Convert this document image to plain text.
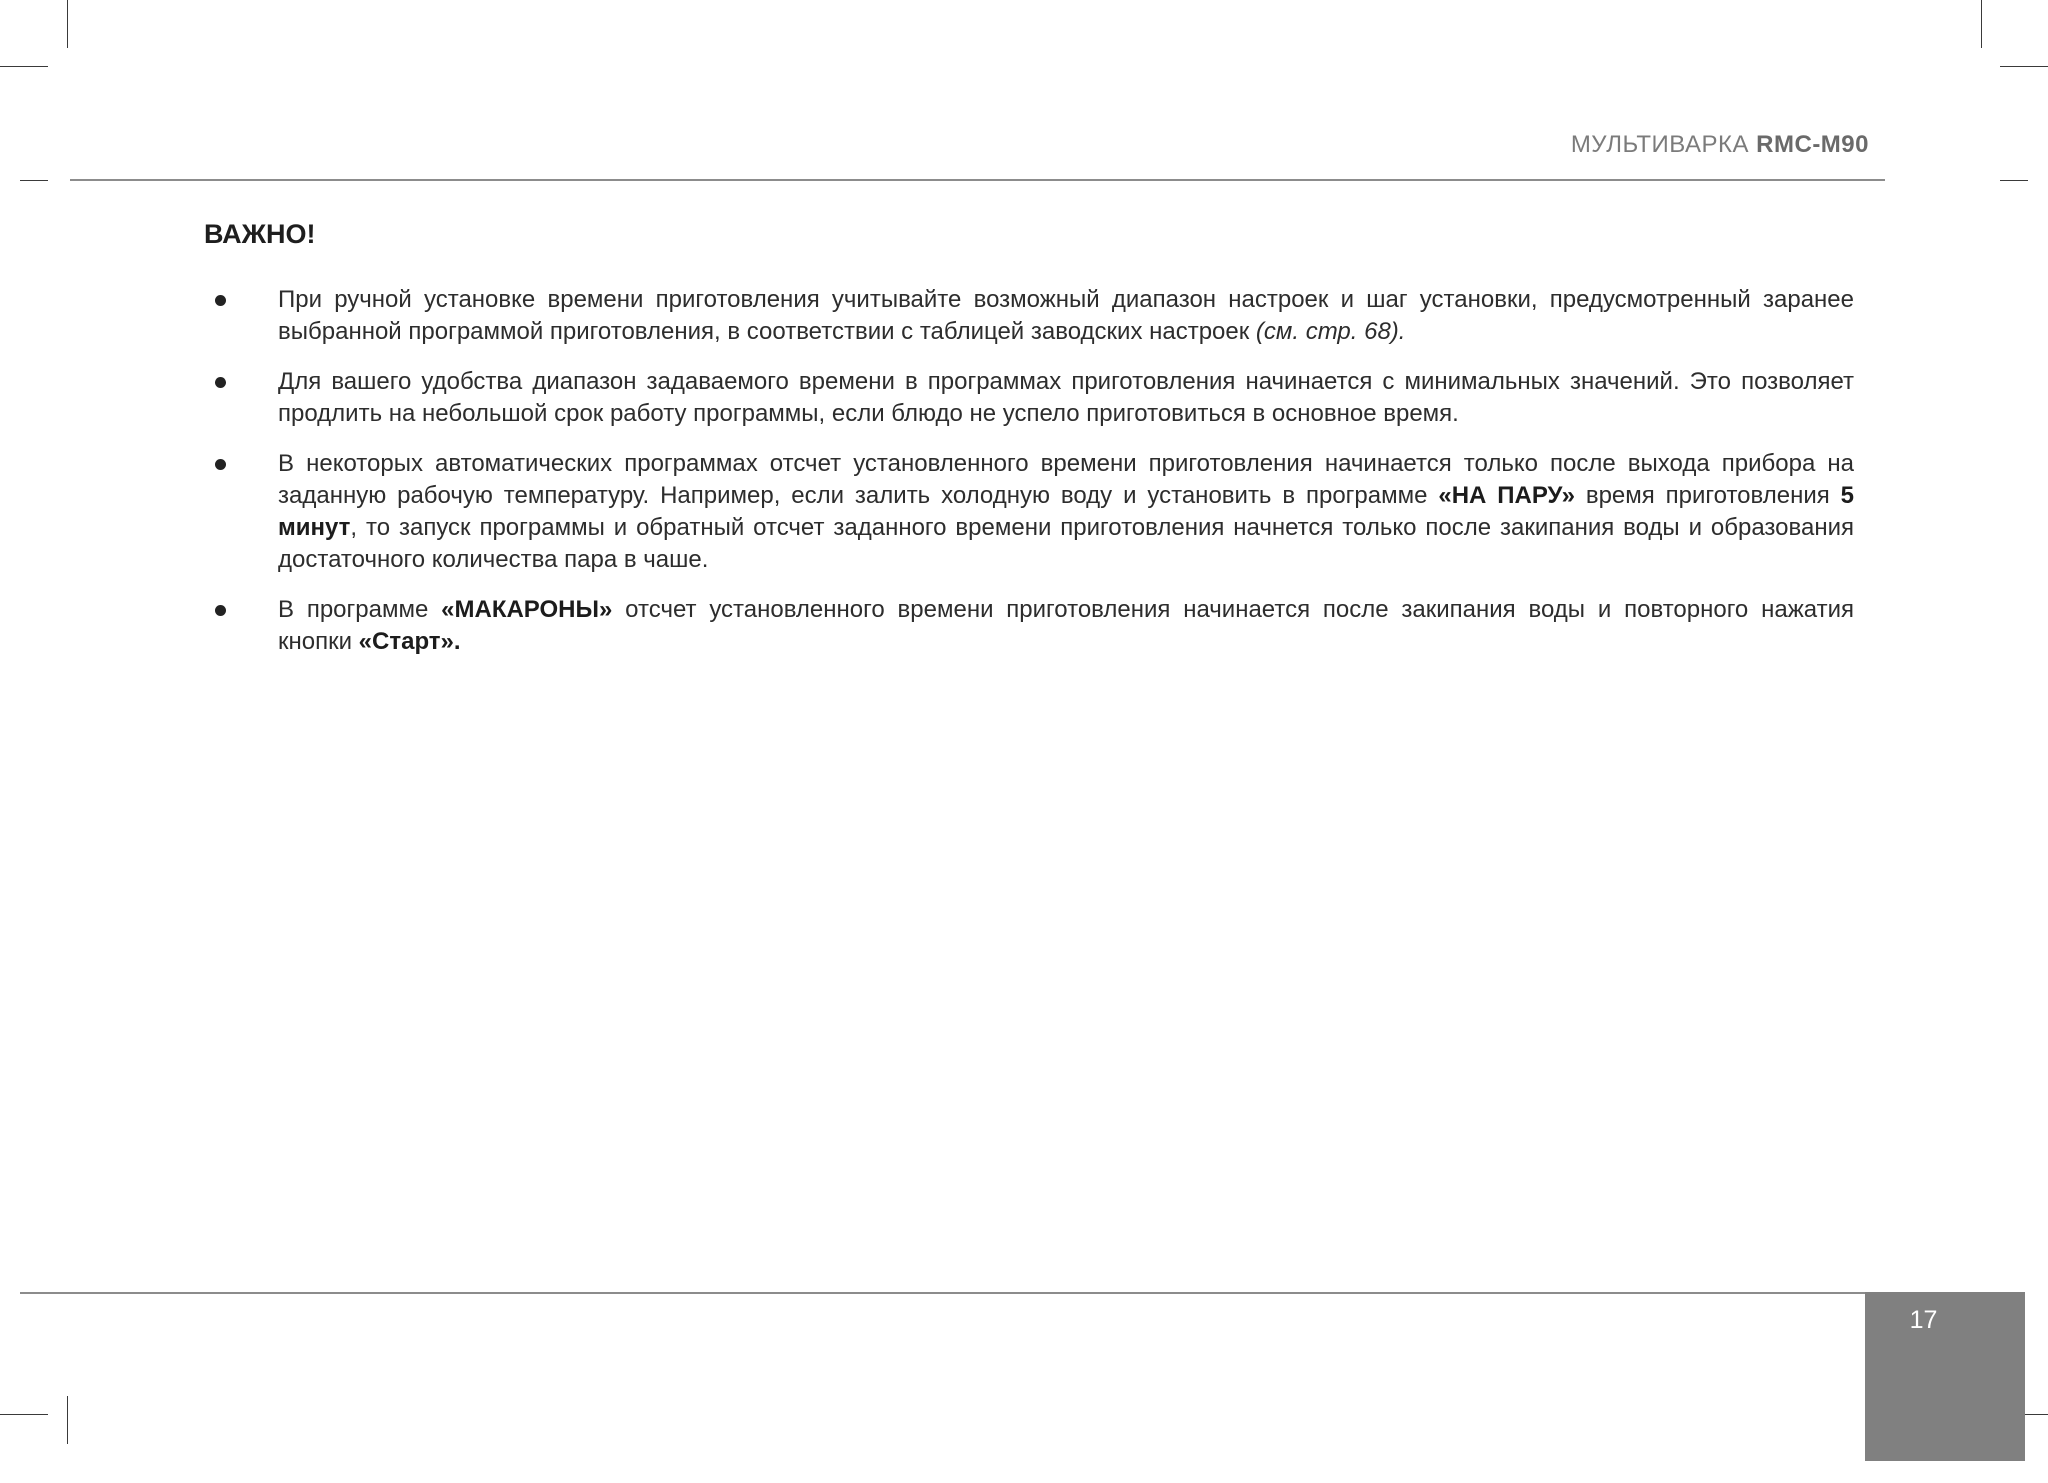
МУЛЬТИВАРКА RMC-M90
ВАЖНО!
При ручной установке времени приготовления учитывайте возможный диапазон настроек и шаг установки, предусмотренный заранее выбранной программой приготовления, в соответствии с таблицей заводских настроек (см. стр. 68).
Для вашего удобства диапазон задаваемого времени в программах приготовления начинается с минимальных значений. Это позволяет продлить на небольшой срок работу программы, если блюдо не успело приготовиться в основное время.
В некоторых автоматических программах отсчет установленного времени приготовления начинается только после выхода прибора на заданную рабочую температуру. Например, если залить холодную воду и установить в программе «НА ПАРУ» время приготовления 5 минут, то запуск программы и обратный отсчет заданного времени приготовления начнется только после закипания воды и образования достаточного количества пара в чаше.
В программе «МАКАРОНЫ» отсчет установленного времени приготовления начинается после закипания воды и повторного нажатия кнопки «Старт».
17
